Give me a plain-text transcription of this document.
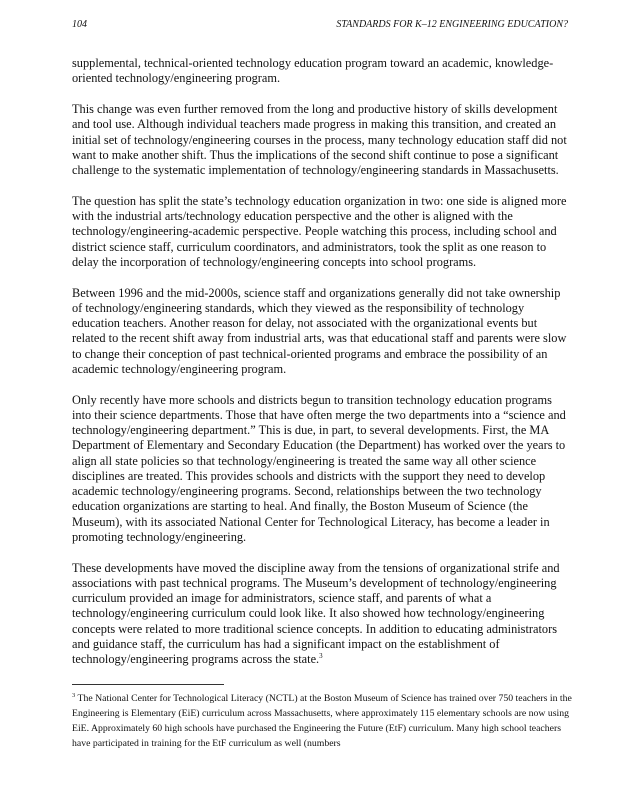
104	STANDARDS FOR K–12 ENGINEERING EDUCATION?

supplemental, technical-oriented technology education program toward an academic, knowledge-oriented technology/engineering program.

This change was even further removed from the long and productive history of skills development and tool use. Although individual teachers made progress in making this transition, and created an initial set of technology/engineering courses in the process, many technology education staff did not want to make another shift. Thus the implications of the second shift continue to pose a significant challenge to the systematic implementation of technology/engineering standards in Massachusetts.

The question has split the state’s technology education organization in two: one side is aligned more with the industrial arts/technology education perspective and the other is aligned with the technology/engineering-academic perspective. People watching this process, including school and district science staff, curriculum coordinators, and administrators, took the split as one reason to delay the incorporation of technology/engineering concepts into school programs.

Between 1996 and the mid-2000s, science staff and organizations generally did not take ownership of technology/engineering standards, which they viewed as the responsibility of technology education teachers. Another reason for delay, not associated with the organizational events but related to the recent shift away from industrial arts, was that educational staff and parents were slow to change their conception of past technical-oriented programs and embrace the possibility of an academic technology/engineering program.

Only recently have more schools and districts begun to transition technology education programs into their science departments. Those that have often merge the two departments into a “science and technology/engineering department.” This is due, in part, to several developments. First, the MA Department of Elementary and Secondary Education (the Department) has worked over the years to align all state policies so that technology/engineering is treated the same way all other science disciplines are treated. This provides schools and districts with the support they need to develop academic technology/engineering programs. Second, relationships between the two technology education organizations are starting to heal. And finally, the Boston Museum of Science (the Museum), with its associated National Center for Technological Literacy, has become a leader in promoting technology/engineering.

These developments have moved the discipline away from the tensions of organizational strife and associations with past technical programs. The Museum’s development of technology/engineering curriculum provided an image for administrators, science staff, and parents of what a technology/engineering curriculum could look like. It also showed how technology/engineering concepts were related to more traditional science concepts. In addition to educating administrators and guidance staff, the curriculum has had a significant impact on the establishment of technology/engineering programs across the state.$^3$

$^3$ The National Center for Technological Literacy (NCTL) at the Boston Museum of Science has trained over 750 teachers in the Engineering is Elementary (EiE) curriculum across Massachusetts, where approximately 115 elementary schools are now using EiE. Approximately 60 high schools have purchased the Engineering the Future (EtF) curriculum. Many high school teachers have participated in training for the EtF curriculum as well (numbers
